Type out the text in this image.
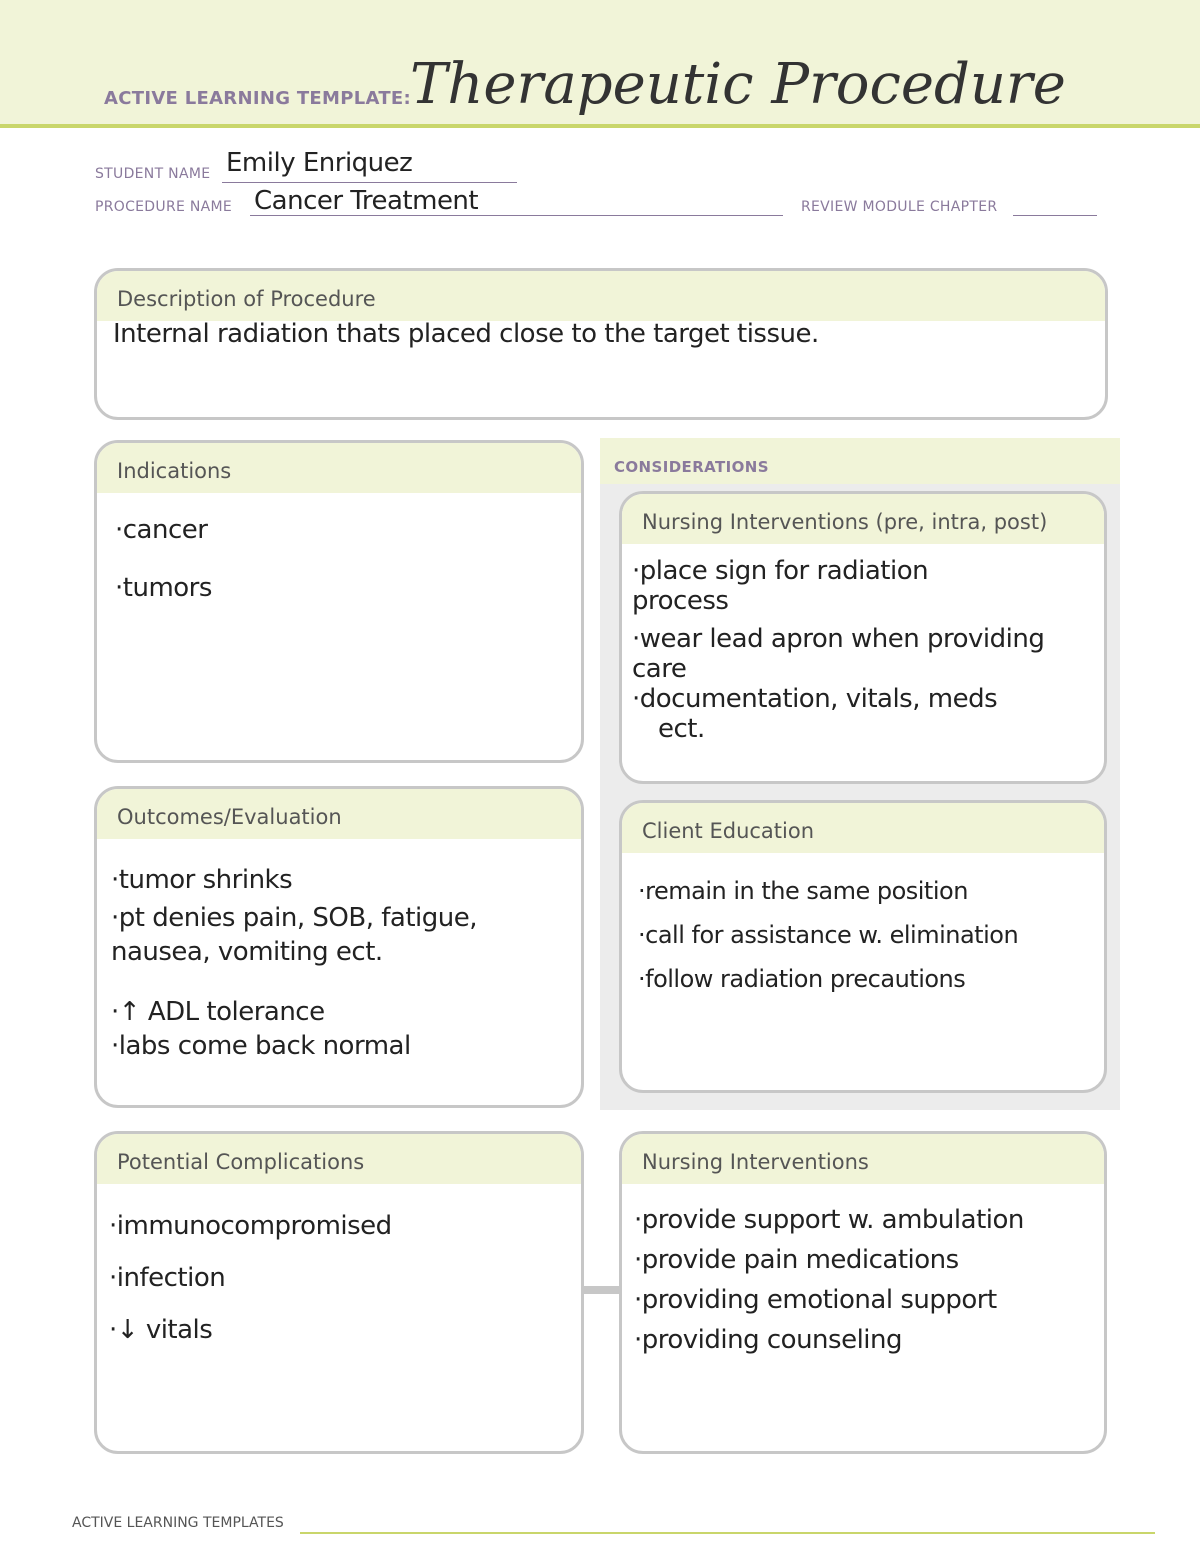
ACTIVE LEARNING TEMPLATE: Therapeutic Procedure
STUDENT NAME Emily Enriquez
PROCEDURE NAME Cancer Treatment	REVIEW MODULE CHAPTER
Description of Procedure
Internal radiation thats placed close to the target tissue.
Indications

·cancer

·tumors

CONSIDERATIONS
Nursing Interventions (pre, intra, post)

·place sign for radiation

process

·wear lead apron when providing

care

·documentation, vitals, meds

ect.

Outcomes/Evaluation

·tumor shrinks

·pt denies pain, SOB, fatigue,

nausea, vomiting ect.

·↑ ADL tolerance

·labs come back normal

Client Education

·remain in the same position

·call for assistance w. elimination

·follow radiation precautions

Potential Complications

·immunocompromised

·infection

·↓ vitals

Nursing Interventions

·provide support w. ambulation

·provide pain medications

·providing emotional support

·providing counseling

ACTIVE LEARNING TEMPLATES
